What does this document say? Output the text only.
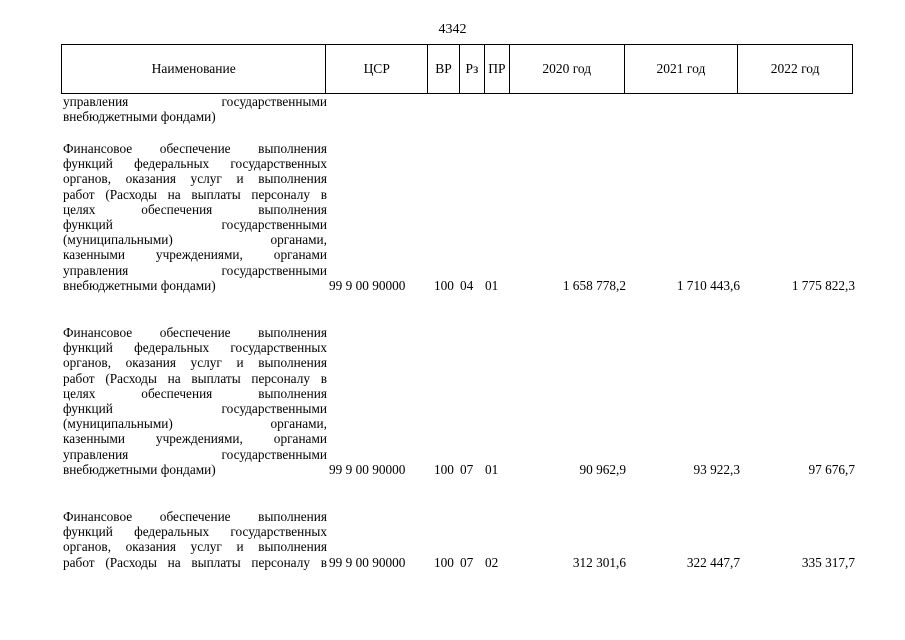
4342
Наименование	ЦСР	ВР	Рз ПР	2020 год	2021 год	2022 год
управления государственными
внебюджетными фондами)
Финансовое обеспечение выполнения
функций федеральных государственных
органов, оказания услуг и выполнения
работ (Расходы на выплаты персоналу в
целях обеспечения выполнения
функций государственными
(муниципальными) органами,
казенными учреждениями, органами
управления государственными
внебюджетными фондами)	99 9 00 90000 100 04 01	1 658 778,2	1 710 443,6	1 775 822,3
Финансовое обеспечение выполнения
функций федеральных государственных
органов, оказания услуг и выполнения
работ (Расходы на выплаты персоналу в
целях обеспечения выполнения
функций государственными
(муниципальными) органами,
казенными учреждениями, органами
управления государственными
внебюджетными фондами)	99 9 00 90000 100 07 01	90 962,9	93 922,3	97 676,7
Финансовое обеспечение выполнения
функций федеральных государственных
органов, оказания услуг и выполнения
работ (Расходы на выплаты персоналу в 99 9 00 90000 100 07 02	312 301,6	322 447,7	335 317,7
